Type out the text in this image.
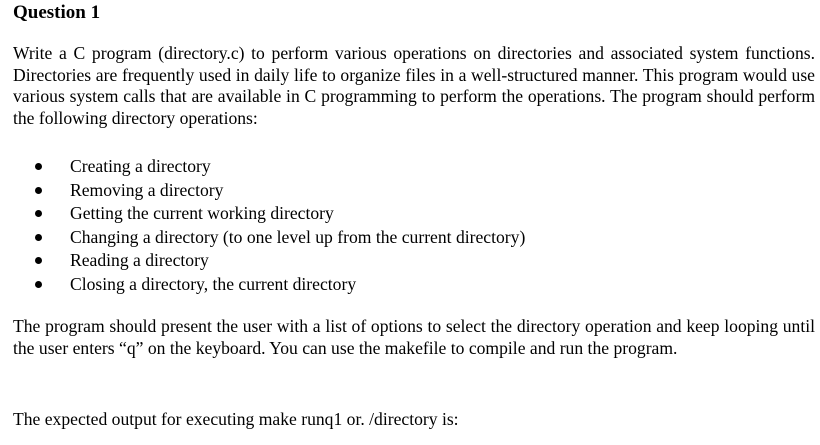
Question 1

Write a C program (directory.c) to perform various operations on directories and associated system functions. Directories are frequently used in daily life to organize files in a well-structured manner. This program would use various system calls that are available in C programming to perform the operations. The program should perform the following directory operations:

Creating a directory
Removing a directory
Getting the current working directory
Changing a directory (to one level up from the current directory)
Reading a directory
Closing a directory, the current directory

The program should present the user with a list of options to select the directory operation and keep looping until the user enters “q” on the keyboard. You can use the makefile to compile and run the program.

The expected output for executing make runq1 or. /directory is:
